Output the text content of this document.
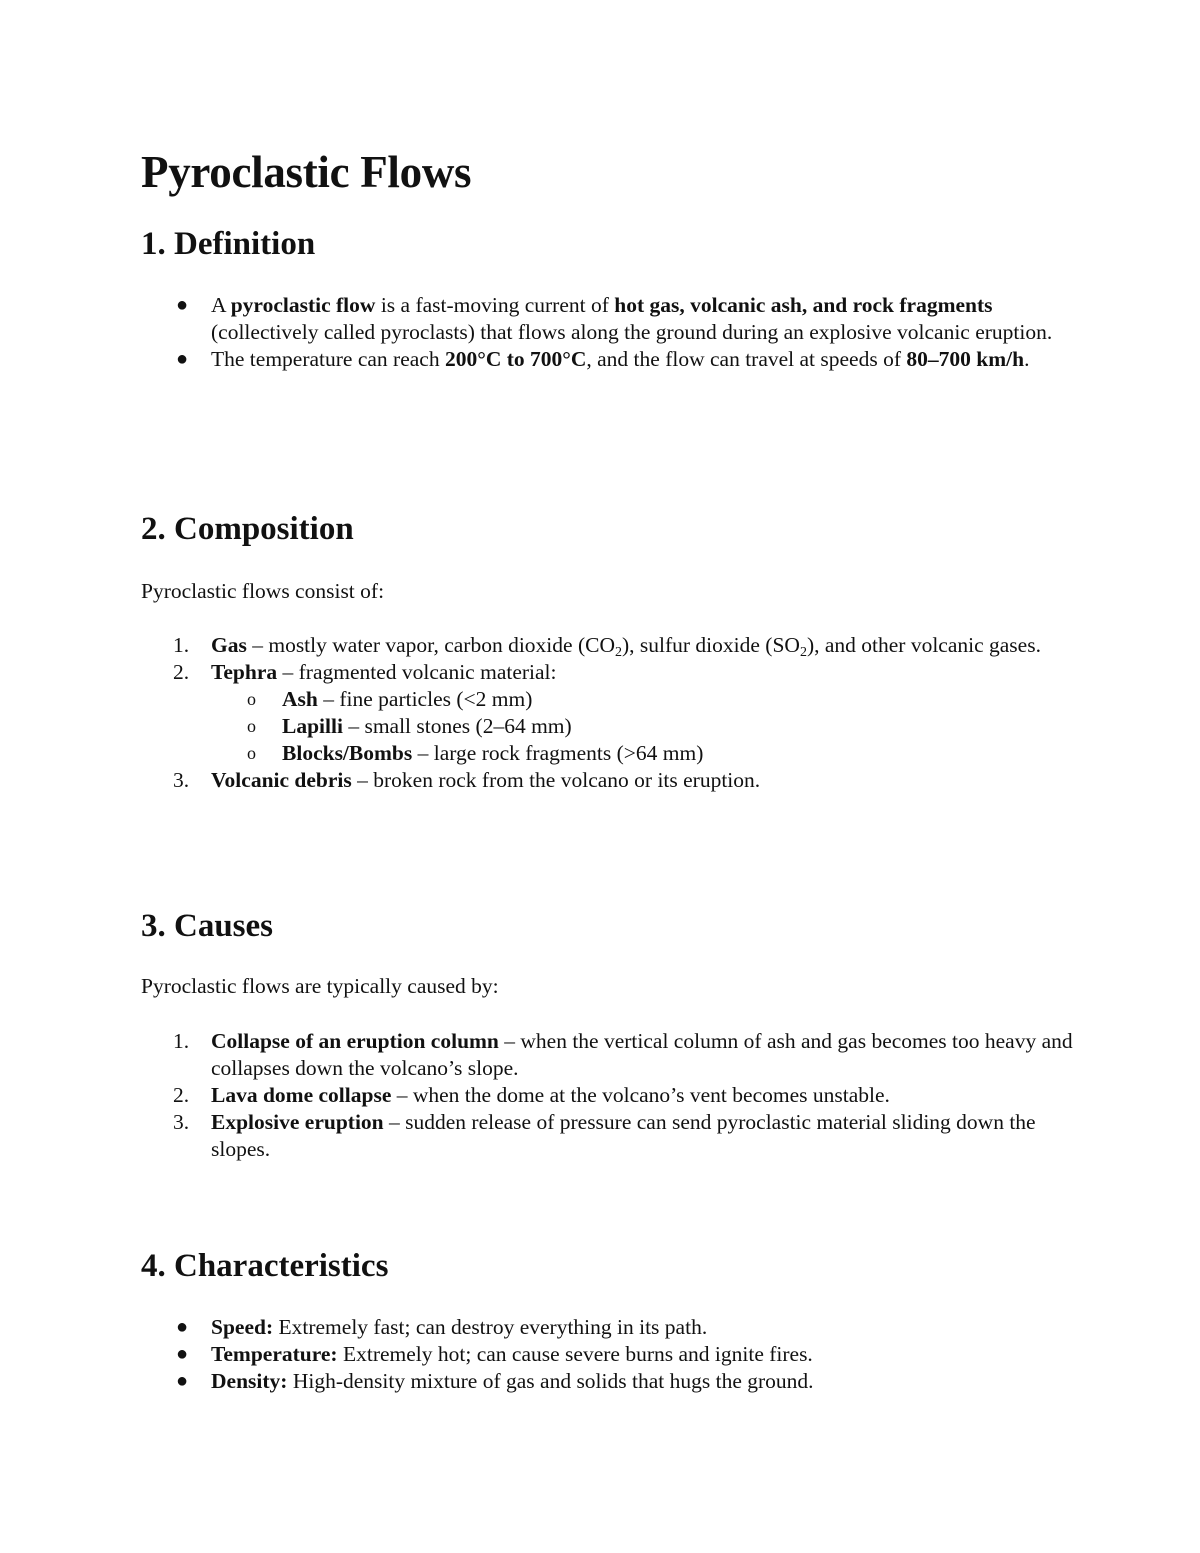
Pyroclastic Flows
1. Definition
● A pyroclastic flow is a fast-moving current of hot gas, volcanic ash, and rock fragments (collectively called pyroclasts) that flows along the ground during an explosive volcanic eruption.
● The temperature can reach 200°C to 700°C, and the flow can travel at speeds of 80–700 km/h.
2. Composition

Pyroclastic flows consist of:

1. Gas – mostly water vapor, carbon dioxide $(CO_2)$, sulfur dioxide $(SO_2)$, and other volcanic gases.
2. Tephra – fragmented volcanic material:
o Ash – fine particles (<2 mm)
o Lapilli – small stones (2–64 mm)
o Blocks/Bombs – large rock fragments (>64 mm)
3. Volcanic debris – broken rock from the volcano or its eruption.
3. Causes

Pyroclastic flows are typically caused by:

1. Collapse of an eruption column – when the vertical column of ash and gas becomes too heavy and collapses down the volcano’s slope.
2. Lava dome collapse – when the dome at the volcano’s vent becomes unstable.
3. Explosive eruption – sudden release of pressure can send pyroclastic material sliding down the slopes.
4. Characteristics
● Speed: Extremely fast; can destroy everything in its path.
● Temperature: Extremely hot; can cause severe burns and ignite fires.
● Density: High-density mixture of gas and solids that hugs the ground.
